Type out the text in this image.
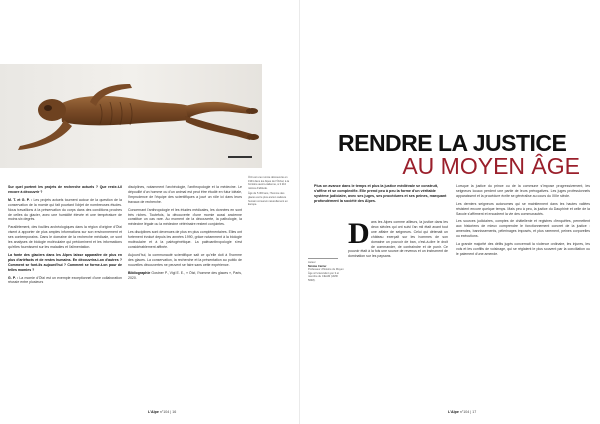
Ötzi est une momie découverte en 1991 dans les Alpes de l'Ötztal, à la frontière austro-italienne, à 3 210 mètres d'altitude.

Âgé de 5 300 ans, l'homme des glaces est le plus ancien cadavre humain conservé naturellement en Europe.

Sur quel portent les projets de recherche actuels ? Que reste-t-il encore à découvrir ?

M. T. et G. P. : Les projets actuels tournent autour de la question de la conservation de la momie qui fait pourtant l'objet de nombreuses études. Nous travaillons à la préservation du corps dans des conditions proches de celles du glacier, avec une humidité élevée et une température de moins six degrés.

Parallèlement, des fouilles archéologiques dans la région d'origine d'Ötzi visent à apporter de plus amples informations sur son environnement et ses contemporains. Dans le domaine de la recherche médicale, ce sont les analyses de biologie moléculaire qui prédominent et les informations qu'elles fournissent sur les maladies et l'alimentation.

La fonte des glaciers dans les Alpes laisse apparaître de plus en plus d'artéfacts et de restes humains. En découvrira-t-on d'autres ? Comment se font-ils aujourd'hui ? Comment se forme-t-on pour de telles momies ?

G. P. : La momie d'Ötzi est un exemple exceptionnel d'une collaboration réussie entre plusieurs

disciplines, notamment l'archéologie, l'anthropologie et la médecine. Le dépouillé d'un homme ou d'un animal est peut être étudié en futur idéale, l'imprudence de l'équipe des scientifiques a joué un rôle ici dans leurs travaux de recherche.

Concernant l'anthropologie et les études médicales, les données en sont très riches. Toutefois, la découverte d'une momie aussi ancienne constitue un cas rare. Au moment de la découverte, la pathologie, la médecine légale ou la médecine vétérinaire restent conjointes.

Les disciplines sont devenues de plus en plus complémentaires. Elles ont fortement évolué depuis les années 1990, grâce notamment à la biologie moléculaire et à la paléogénétique. La paléoanthropologie s'est considérablement affinée.

Aujourd'hui, la communauté scientifique sait ce qu'elle doit à l'homme des glaces. La conservation, la recherche et la présentation au public de nouvelles découvertes ne peuvent se faire sans cette expérience.

Bibliographie Gostner P., Vigl E. E., « Ötzi, l'homme des glaces », Paris, 2020.

L'Alpe n°104 | 16
RENDRE LA JUSTICE
AU MOYEN ÂGE
Plus on avance dans le temps et plus la justice médiévale se construit, s'affine et se complexifie. Elle prend peu à peu la forme d'un véritable système judiciaire, avec ses juges, ses procédures et ses peines, marquant profondément la société des Alpes.
Auteur
Nicolas Carrier
Professeur d'histoire du Moyen Âge à l'université Lyon 3 et membre du CIHAM (UMR 5648).
D ans les Alpes comme ailleurs, la justice dans les deux siècles qui ont suivi l'an mil était avant tout une affaire de seigneurs. Celui qui détenait un château exerçait sur les hommes de son domaine un pouvoir de ban, c'est-à-dire le droit de commander, de contraindre et de punir. Ce pouvoir était à la fois une source de revenus et un instrument de domination sur les paysans.

Lorsque la justice du prince ou de la commune s'impose progressivement, les seigneurs locaux perdent une partie de leurs prérogatives. Les juges professionnels apparaissent et la procédure écrite se généralise au cours du XIIIe siècle.

Les derniers seigneurs autonomes qui se maintiennent dans les hautes vallées résistent encore quelque temps. Mais peu à peu, la justice du Dauphiné et celle de la Savoie s'affirment et encadrent la vie des communautés.

Les sources judiciaires, comptes de châtellenie et registres d'enquêtes, permettent aux historiens de mieux comprendre le fonctionnement concret de la justice : amendes, bannissements, pèlerinages imposés, et plus rarement, peines corporelles ou exécutions.

La grande majorité des délits jugés concernait la violence ordinaire, les injures, les vols et les conflits de voisinage, qui se réglaient le plus souvent par la conciliation ou le paiement d'une amende.

L'Alpe n°104 | 17
